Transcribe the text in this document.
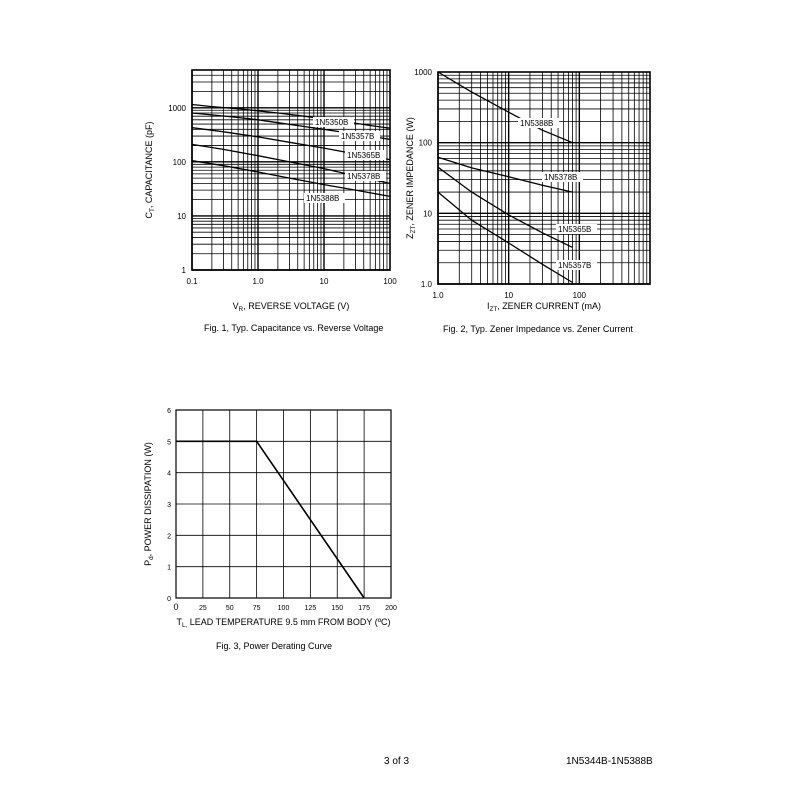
0.1	1.0	10	100
1
10
100
1000
1N5350B
1N5357B
1N5365B
1N5378B
1N5388B
$V_R$, REVERSE VOLTAGE (V)
$C_T$, CAPACITANCE (pF)
1.0	10	100
1.0
10
100
1000
1N5388B
1N5378B
1N5365B
1N5357B
$I_{ZT}$, ZENER CURRENT (mA)
$Z_{ZT}$, ZENER IMPEDANCE (W)
0	25	50	75 100 125 150 175 200
0
1
2
3
4
5
6
$T_{L,}$ LEAD TEMPERATURE 9.5 mm FROM BODY (ºC)
$P_d$, POWER DISSIPATION (W)
Fig. 1, Typ. Capacitance vs. Reverse Voltage	Fig. 2, Typ. Zener Impedance vs. Zener Current
Fig. 3, Power Derating Curve
3 of 3	1N5344B-1N5388B
